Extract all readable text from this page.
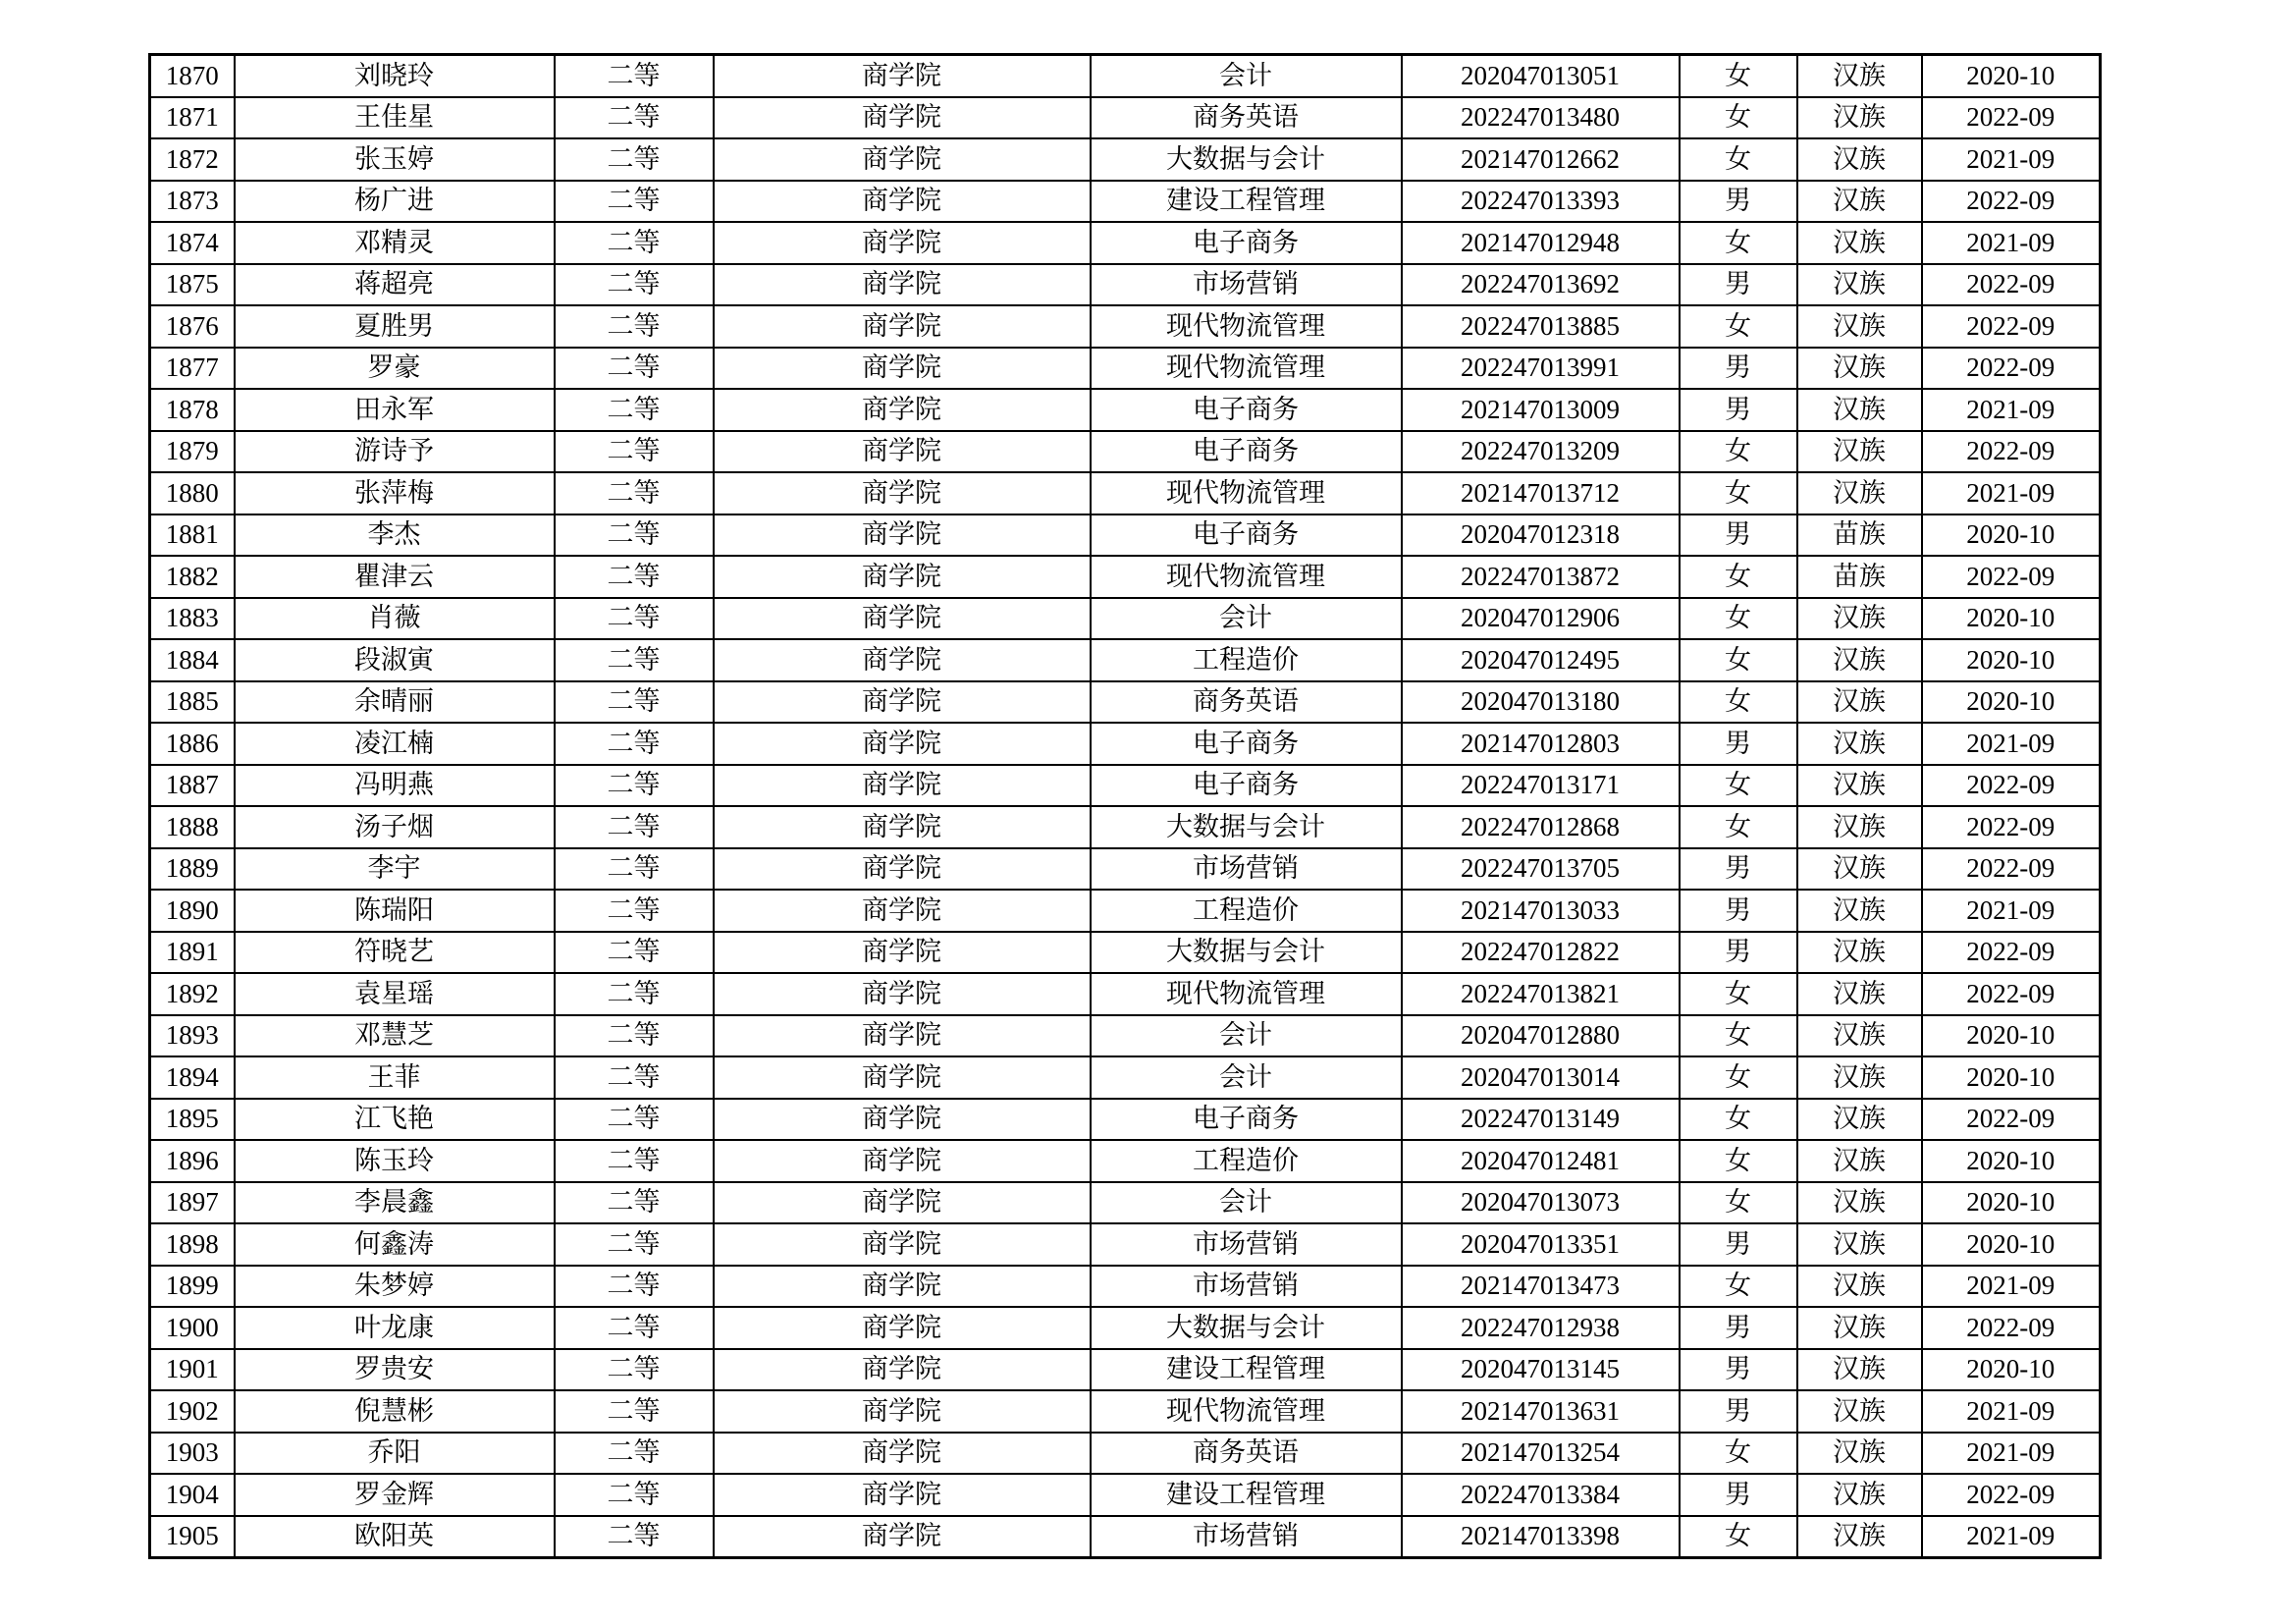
1870	刘晓玲	二等	商学院	会计	202047013051	女	汉族	2020-10
1871	王佳星	二等	商学院	商务英语	202247013480	女	汉族	2022-09
1872	张玉婷	二等	商学院	大数据与会计	202147012662	女	汉族	2021-09
1873	杨广进	二等	商学院	建设工程管理	202247013393	男	汉族	2022-09
1874	邓精灵	二等	商学院	电子商务	202147012948	女	汉族	2021-09
1875	蒋超亮	二等	商学院	市场营销	202247013692	男	汉族	2022-09
1876	夏胜男	二等	商学院	现代物流管理	202247013885	女	汉族	2022-09
1877	罗豪	二等	商学院	现代物流管理	202247013991	男	汉族	2022-09
1878	田永军	二等	商学院	电子商务	202147013009	男	汉族	2021-09
1879	游诗予	二等	商学院	电子商务	202247013209	女	汉族	2022-09
1880	张萍梅	二等	商学院	现代物流管理	202147013712	女	汉族	2021-09
1881	李杰	二等	商学院	电子商务	202047012318	男	苗族	2020-10
1882	瞿津云	二等	商学院	现代物流管理	202247013872	女	苗族	2022-09
1883	肖薇	二等	商学院	会计	202047012906	女	汉族	2020-10
1884	段淑寅	二等	商学院	工程造价	202047012495	女	汉族	2020-10
1885	余晴丽	二等	商学院	商务英语	202047013180	女	汉族	2020-10
1886	凌江楠	二等	商学院	电子商务	202147012803	男	汉族	2021-09
1887	冯明燕	二等	商学院	电子商务	202247013171	女	汉族	2022-09
1888	汤子烟	二等	商学院	大数据与会计	202247012868	女	汉族	2022-09
1889	李宇	二等	商学院	市场营销	202247013705	男	汉族	2022-09
1890	陈瑞阳	二等	商学院	工程造价	202147013033	男	汉族	2021-09
1891	符晓艺	二等	商学院	大数据与会计	202247012822	男	汉族	2022-09
1892	袁星瑶	二等	商学院	现代物流管理	202247013821	女	汉族	2022-09
1893	邓慧芝	二等	商学院	会计	202047012880	女	汉族	2020-10
1894	王菲	二等	商学院	会计	202047013014	女	汉族	2020-10
1895	江飞艳	二等	商学院	电子商务	202247013149	女	汉族	2022-09
1896	陈玉玲	二等	商学院	工程造价	202047012481	女	汉族	2020-10
1897	李晨鑫	二等	商学院	会计	202047013073	女	汉族	2020-10
1898	何鑫涛	二等	商学院	市场营销	202047013351	男	汉族	2020-10
1899	朱梦婷	二等	商学院	市场营销	202147013473	女	汉族	2021-09
1900	叶龙康	二等	商学院	大数据与会计	202247012938	男	汉族	2022-09
1901	罗贵安	二等	商学院	建设工程管理	202047013145	男	汉族	2020-10
1902	倪慧彬	二等	商学院	现代物流管理	202147013631	男	汉族	2021-09
1903	乔阳	二等	商学院	商务英语	202147013254	女	汉族	2021-09
1904	罗金辉	二等	商学院	建设工程管理	202247013384	男	汉族	2022-09
1905	欧阳英	二等	商学院	市场营销	202147013398	女	汉族	2021-09
